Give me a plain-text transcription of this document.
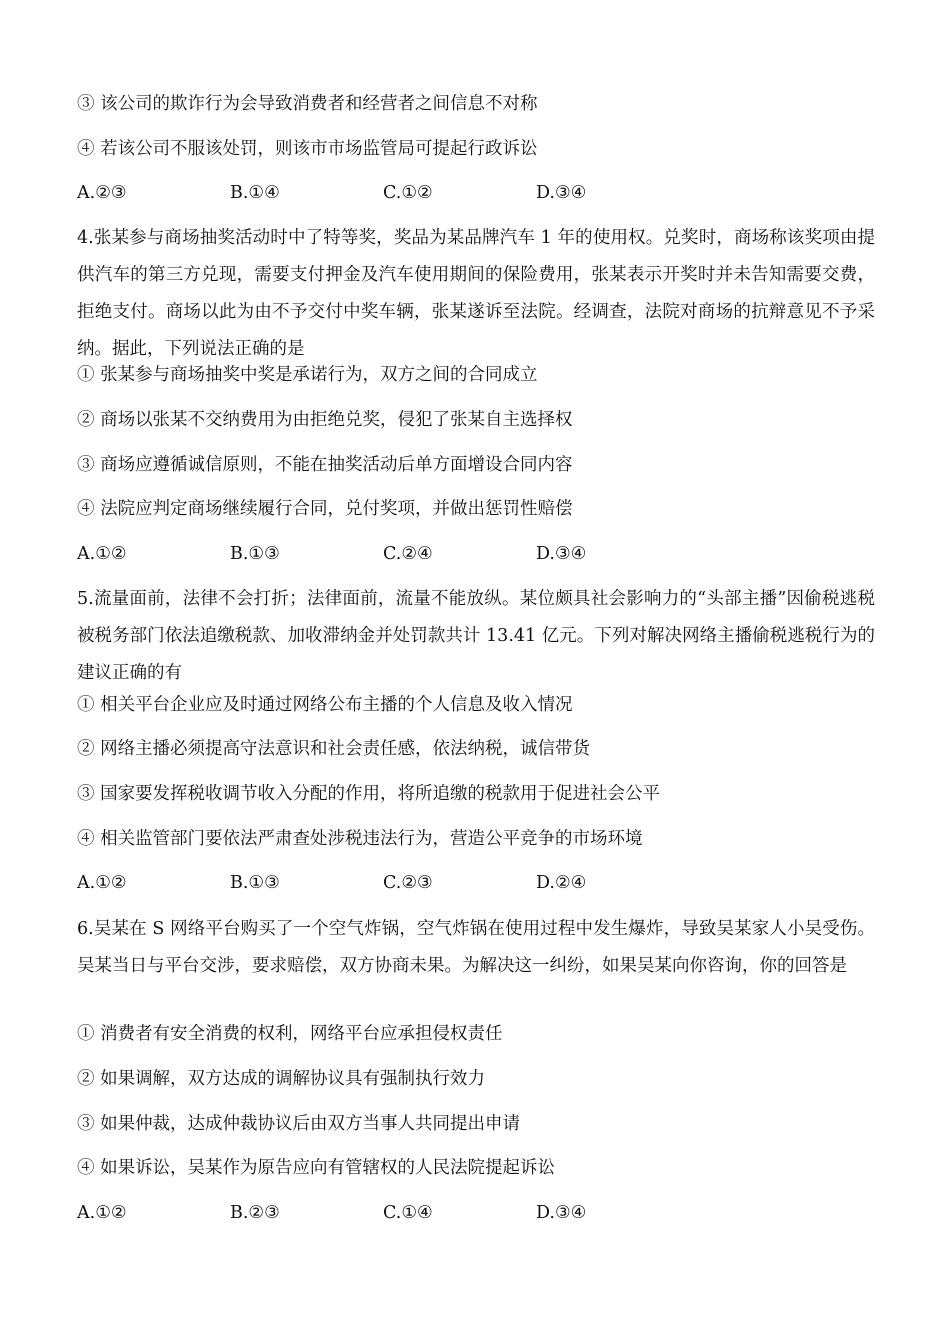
③ 该公司的欺诈行为会导致消费者和经营者之间信息不对称
④ 若该公司不服该处罚，则该市市场监管局可提起行政诉讼
A.②③	B.①④	C.①②	D.③④
4.张某参与商场抽奖活动时中了特等奖，奖品为某品牌汽车 1 年的使用权。兑奖时，商场称该奖项由提供汽车的第三方兑现，需要支付押金及汽车使用期间的保险费用，张某表示开奖时并未告知需要交费，拒绝支付。商场以此为由不予交付中奖车辆，张某遂诉至法院。经调查，法院对商场的抗辩意见不予采纳。据此，下列说法正确的是
① 张某参与商场抽奖中奖是承诺行为，双方之间的合同成立
② 商场以张某不交纳费用为由拒绝兑奖，侵犯了张某自主选择权
③ 商场应遵循诚信原则，不能在抽奖活动后单方面增设合同内容
④ 法院应判定商场继续履行合同，兑付奖项，并做出惩罚性赔偿
A.①②	B.①③	C.②④	D.③④
5.流量面前，法律不会打折；法律面前，流量不能放纵。某位颇具社会影响力的“头部主播”因偷税逃税被税务部门依法追缴税款、加收滞纳金并处罚款共计 13.41 亿元。下列对解决网络主播偷税逃税行为的建议正确的有
① 相关平台企业应及时通过网络公布主播的个人信息及收入情况
② 网络主播必须提高守法意识和社会责任感，依法纳税，诚信带货
③ 国家要发挥税收调节收入分配的作用，将所追缴的税款用于促进社会公平
④ 相关监管部门要依法严肃查处涉税违法行为，营造公平竞争的市场环境
A.①②	B.①③	C.②③	D.②④
6.吴某在 S 网络平台购买了一个空气炸锅，空气炸锅在使用过程中发生爆炸，导致吴某家人小吴受伤。吴某当日与平台交涉，要求赔偿，双方协商未果。为解决这一纠纷，如果吴某向你咨询，你的回答是
① 消费者有安全消费的权利，网络平台应承担侵权责任
② 如果调解，双方达成的调解协议具有强制执行效力
③ 如果仲裁，达成仲裁协议后由双方当事人共同提出申请
④ 如果诉讼，吴某作为原告应向有管辖权的人民法院提起诉讼
A.①②	B.②③	C.①④	D.③④
